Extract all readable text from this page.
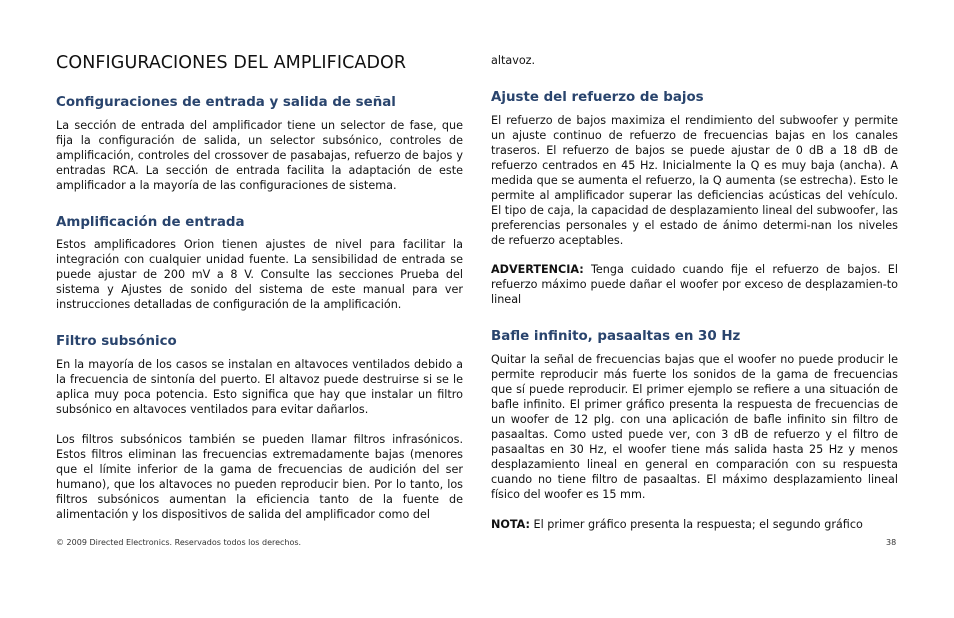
CONFIGURACIONES DEL AMPLIFICADOR
Configuraciones de entrada y salida de señal

La sección de entrada del amplificador tiene un selector de fase, que fija la configuración de salida, un selector subsónico, controles de amplificación, controles del crossover de pasabajas, refuerzo de bajos y entradas RCA. La sección de entrada facilita la adaptación de este amplificador a la mayoría de las configuraciones de sistema.

Amplificación de entrada

Estos amplificadores Orion tienen ajustes de nivel para facilitar la integración con cualquier unidad fuente. La sensibilidad de entrada se puede ajustar de 200 mV a 8 V. Consulte las secciones Prueba del sistema y Ajustes de sonido del sistema de este manual para ver instrucciones detalladas de configuración de la amplificación.

Filtro subsónico

En la mayoría de los casos se instalan en altavoces ventilados debido a la frecuencia de sintonía del puerto. El altavoz puede destruirse si se le aplica muy poca potencia. Esto significa que hay que instalar un filtro subsónico en altavoces ventilados para evitar dañarlos.

Los filtros subsónicos también se pueden llamar filtros infrasónicos. Estos filtros eliminan las frecuencias extremadamente bajas (menores que el límite inferior de la gama de frecuencias de audición del ser humano), que los altavoces no pueden reproducir bien. Por lo tanto, los filtros subsónicos aumentan la eficiencia tanto de la fuente de alimentación y los dispositivos de salida del amplificador como del

altavoz.

Ajuste del refuerzo de bajos

El refuerzo de bajos maximiza el rendimiento del subwoofer y permite un ajuste continuo de refuerzo de frecuencias bajas en los canales traseros. El refuerzo de bajos se puede ajustar de 0 dB a 18 dB de refuerzo centrados en 45 Hz. Inicialmente la Q es muy baja (ancha). A medida que se aumenta el refuerzo, la Q aumenta (se estrecha). Esto le permite al amplificador superar las deficiencias acústicas del vehículo. El tipo de caja, la capacidad de desplazamiento lineal del subwoofer, las preferencias personales y el estado de ánimo determi-nan los niveles de refuerzo aceptables.

ADVERTENCIA: Tenga cuidado cuando fije el refuerzo de bajos. El refuerzo máximo puede dañar el woofer por exceso de desplazamien-to lineal

Bafle infinito, pasaaltas en 30 Hz

Quitar la señal de frecuencias bajas que el woofer no puede producir le permite reproducir más fuerte los sonidos de la gama de frecuencias que sí puede reproducir. El primer ejemplo se refiere a una situación de bafle infinito. El primer gráfico presenta la respuesta de frecuencias de un woofer de 12 plg. con una aplicación de bafle infinito sin filtro de pasaaltas. Como usted puede ver, con 3 dB de refuerzo y el filtro de pasaaltas en 30 Hz, el woofer tiene más salida hasta 25 Hz y menos desplazamiento lineal en general en comparación con su respuesta cuando no tiene filtro de pasaaltas. El máximo desplazamiento lineal físico del woofer es 15 mm.

NOTA: El primer gráfico presenta la respuesta; el segundo gráfico

© 2009 Directed Electronics. Reservados todos los derechos.	38
